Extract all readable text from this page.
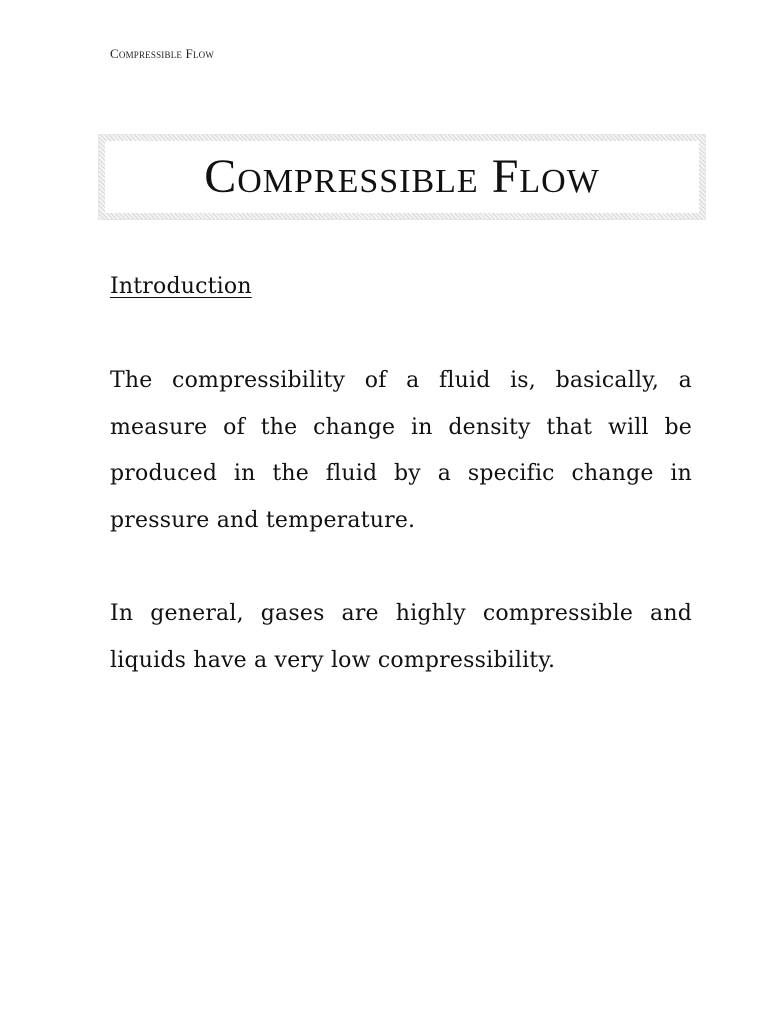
Compressible Flow
Compressible Flow
Introduction

The compressibility of a fluid is, basically, a measure of the change in density that will be produced in the fluid by a specific change in pressure and temperature.

In general, gases are highly compressible and liquids have a very low compressibility.
